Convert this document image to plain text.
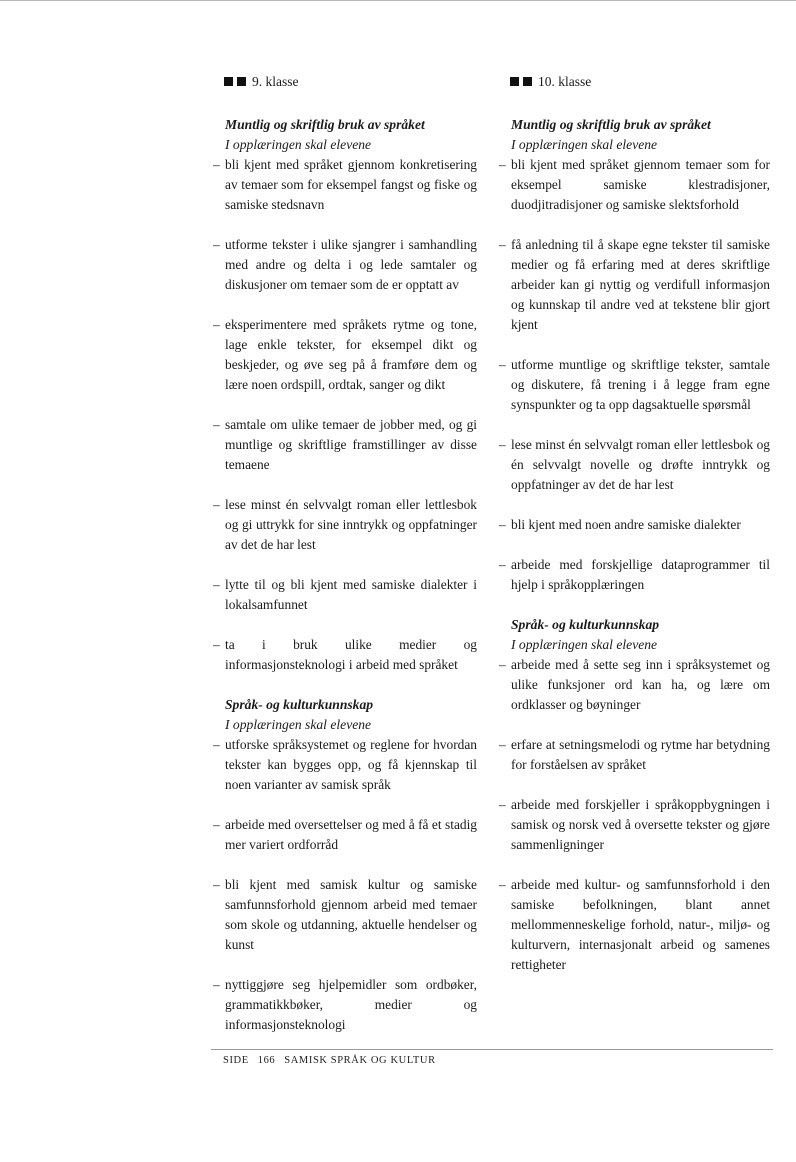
9. klasse
Muntlig og skriftlig bruk av språket
I opplæringen skal elevene
– bli kjent med språket gjennom konkretisering av temaer som for eksempel fangst og fiske og samiske stedsnavn
– utforme tekster i ulike sjangrer i samhandling med andre og delta i og lede samtaler og diskusjoner om temaer som de er opptatt av
– eksperimentere med språkets rytme og tone, lage enkle tekster, for eksempel dikt og beskjeder, og øve seg på å framføre dem og lære noen ordspill, ordtak, sanger og dikt
– samtale om ulike temaer de jobber med, og gi muntlige og skriftlige framstillinger av disse temaene
– lese minst én selvvalgt roman eller lettlesbok og gi uttrykk for sine inntrykk og oppfatninger av det de har lest
– lytte til og bli kjent med samiske dialekter i lokalsamfunnet
– ta i bruk ulike medier og informasjonsteknologi i arbeid med språket
Språk- og kulturkunnskap
I opplæringen skal elevene
– utforske språksystemet og reglene for hvordan tekster kan bygges opp, og få kjennskap til noen varianter av samisk språk
– arbeide med oversettelser og med å få et stadig mer variert ordforråd
– bli kjent med samisk kultur og samiske samfunnsforhold gjennom arbeid med temaer som skole og utdanning, aktuelle hendelser og kunst
– nyttiggjøre seg hjelpemidler som ordbøker, grammatikkbøker, medier og informasjonsteknologi
10. klasse
Muntlig og skriftlig bruk av språket
I opplæringen skal elevene
– bli kjent med språket gjennom temaer som for eksempel samiske klestradisjoner, duodjitradisjoner og samiske slektsforhold
– få anledning til å skape egne tekster til samiske medier og få erfaring med at deres skriftlige arbeider kan gi nyttig og verdifull informasjon og kunnskap til andre ved at tekstene blir gjort kjent
– utforme muntlige og skriftlige tekster, samtale og diskutere, få trening i å legge fram egne synspunkter og ta opp dagsaktuelle spørsmål
– lese minst én selvvalgt roman eller lettlesbok og én selvvalgt novelle og drøfte inntrykk og oppfatninger av det de har lest
– bli kjent med noen andre samiske dialekter
– arbeide med forskjellige dataprogrammer til hjelp i språkopplæringen
Språk- og kulturkunnskap
I opplæringen skal elevene
– arbeide med å sette seg inn i språksystemet og ulike funksjoner ord kan ha, og lære om ordklasser og bøyninger
– erfare at setningsmelodi og rytme har betydning for forståelsen av språket
– arbeide med forskjeller i språkoppbygningen i samisk og norsk ved å oversette tekster og gjøre sammenligninger
– arbeide med kultur- og samfunnsforhold i den samiske befolkningen, blant annet mellommenneskelige forhold, natur-, miljø- og kulturvern, internasjonalt arbeid og samenes rettigheter
SIDE 166 SAMISK SPRÅK OG KULTUR
